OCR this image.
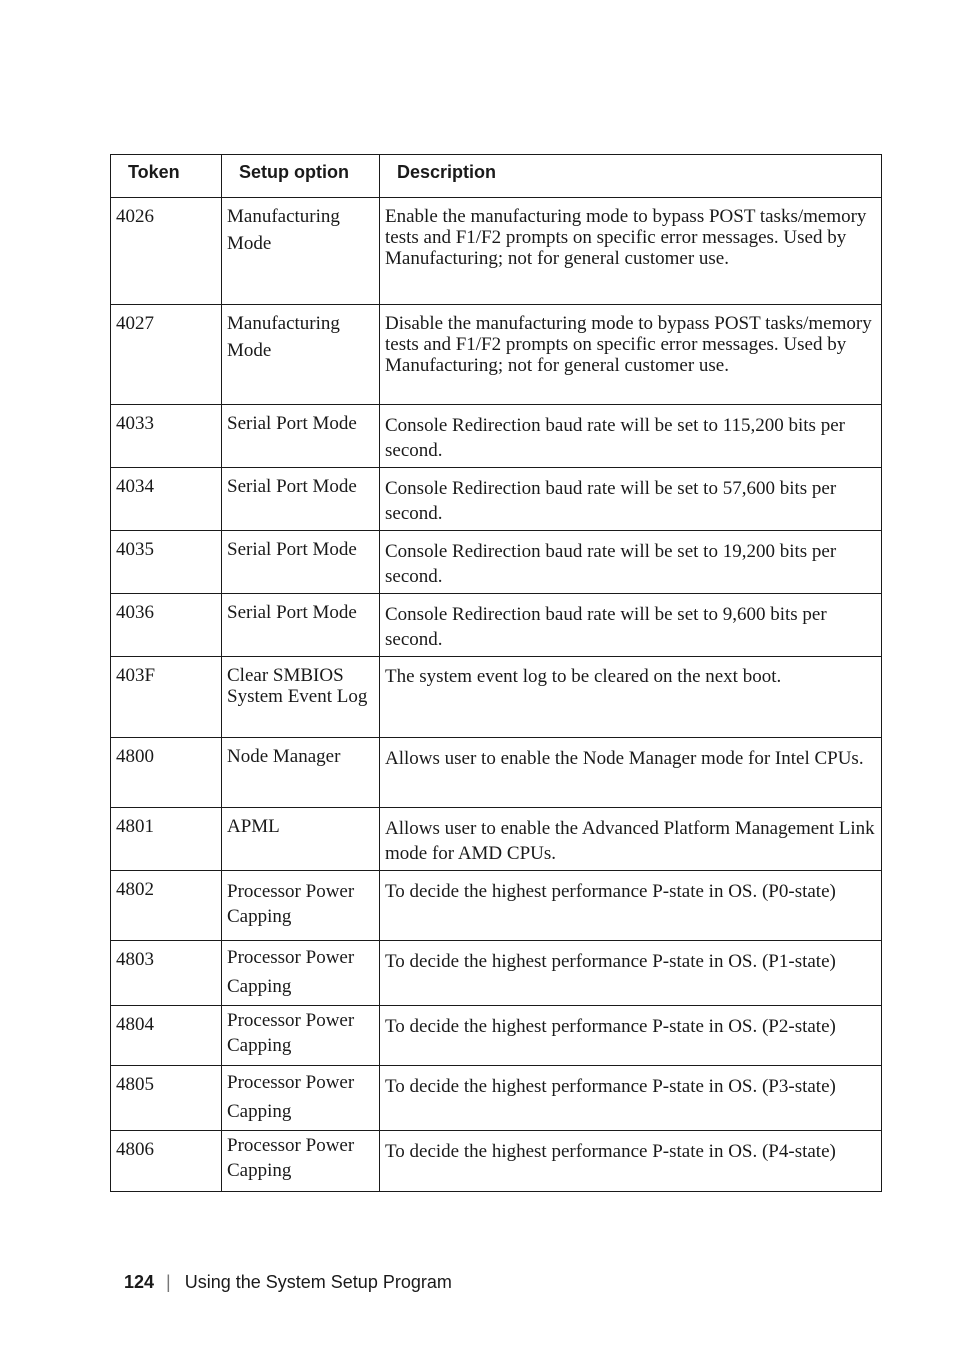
Token	Setup option	Description
4026	Manufacturing Mode	Enable the manufacturing mode to bypass POST tasks/memory tests and F1/F2 prompts on specific error messages. Used by Manufacturing; not for general customer use.
4027	Manufacturing Mode	Disable the manufacturing mode to bypass POST tasks/memory tests and F1/F2 prompts on specific error messages. Used by Manufacturing; not for general customer use.
4033	Serial Port Mode	Console Redirection baud rate will be set to 115,200 bits per second.
4034	Serial Port Mode	Console Redirection baud rate will be set to 57,600 bits per second.
4035	Serial Port Mode	Console Redirection baud rate will be set to 19,200 bits per second.
4036	Serial Port Mode	Console Redirection baud rate will be set to 9,600 bits per second.
403F	Clear SMBIOS System Event Log	The system event log to be cleared on the next boot.
4800	Node Manager	Allows user to enable the Node Manager mode for Intel CPUs.
4801	APML	Allows user to enable the Advanced Platform Management Link mode for AMD CPUs.
4802	Processor Power Capping	To decide the highest performance P-state in OS. (P0-state)
4803	Processor Power Capping	To decide the highest performance P-state in OS. (P1-state)
4804	Processor Power Capping	To decide the highest performance P-state in OS. (P2-state)
4805	Processor Power Capping	To decide the highest performance P-state in OS. (P3-state)
4806	Processor Power Capping	To decide the highest performance P-state in OS. (P4-state)
124 | Using the System Setup Program
